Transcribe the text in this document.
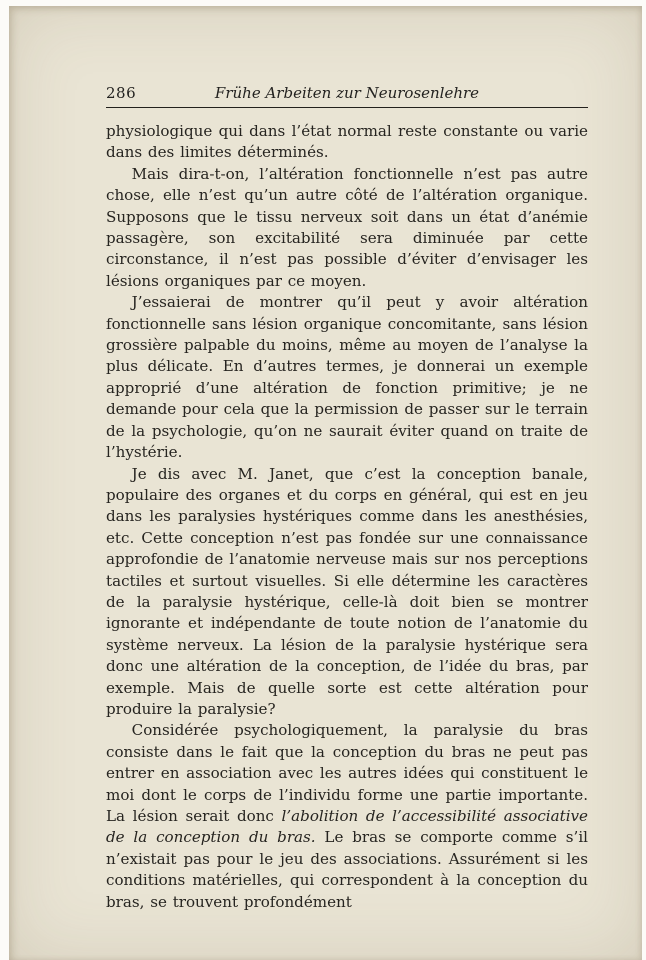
286	Frühe Arbeiten zur Neurosenlehre

physiologique qui dans l’état normal reste constante ou varie dans des limites déterminés.

Mais dira-t-on, l’altération fonctionnelle n’est pas autre chose, elle n’est qu’un autre côté de l’altération organique. Supposons que le tissu nerveux soit dans un état d’anémie passagère, son excitabilité sera diminuée par cette circonstance, il n’est pas possible d’éviter d’envisager les lésions organiques par ce moyen.

J’essaierai de montrer qu’il peut y avoir altération fonctionnelle sans lésion organique concomitante, sans lésion grossière palpable du moins, même au moyen de l’analyse la plus délicate. En d’autres termes, je donnerai un exemple approprié d’une altération de fonction primitive; je ne demande pour cela que la permission de passer sur le terrain de la psychologie, qu’on ne saurait éviter quand on traite de l’hystérie.

Je dis avec M. Janet, que c’est la conception banale, populaire des organes et du corps en général, qui est en jeu dans les paralysies hystériques comme dans les anesthésies, etc. Cette conception n’est pas fondée sur une connaissance approfondie de l’anatomie nerveuse mais sur nos perceptions tactiles et surtout visuelles. Si elle détermine les caractères de la paralysie hystérique, celle-là doit bien se montrer ignorante et indépendante de toute notion de l’anatomie du système nerveux. La lésion de la paralysie hystérique sera donc une altération de la conception, de l’idée du bras, par exemple. Mais de quelle sorte est cette altération pour produire la paralysie?

Considérée psychologiquement, la paralysie du bras consiste dans le fait que la conception du bras ne peut pas entrer en association avec les autres idées qui constituent le moi dont le corps de l’individu forme une partie importante. La lésion serait donc l’abolition de l’accessibilité associative de la conception du bras. Le bras se comporte comme s’il n’existait pas pour le jeu des associations. Assurément si les conditions matérielles, qui correspondent à la conception du bras, se trouvent profondément
